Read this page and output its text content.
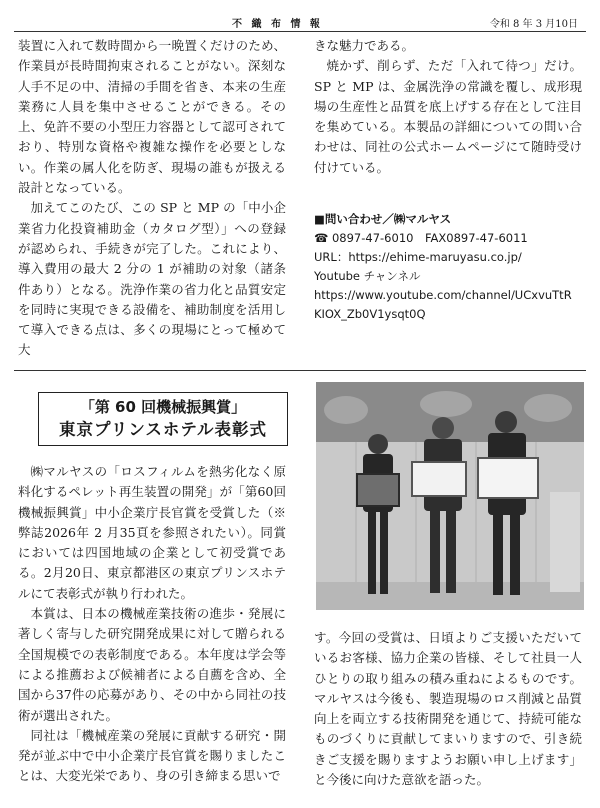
不 織 布 情 報	令和 8 年 3 月10日

装置に入れて数時間から一晩置くだけのため、作業員が長時間拘束されることがない。深刻な人手不足の中、清掃の手間を省き、本来の生産業務に人員を集中させることができる。その上、免許不要の小型圧力容器として認可されており、特別な資格や複雑な操作を必要としない。作業の属人化を防ぎ、現場の誰もが扱える設計となっている。

加えてこのたび、この SP と MP の「中小企業省力化投資補助金（カタログ型）」への登録が認められ、手続きが完了した。これにより、導入費用の最大 2 分の 1 が補助の対象（諸条件あり）となる。洗浄作業の省力化と品質安定を同時に実現できる設備を、補助制度を活用して導入できる点は、多くの現場にとって極めて大

きな魅力である。

焼かず、削らず、ただ「入れて待つ」だけ。SP と MP は、金属洗浄の常識を覆し、成形現場の生産性と品質を底上げする存在として注目を集めている。本製品の詳細についての問い合わせは、同社の公式ホームページにて随時受け付けている。

■問い合わせ／㈱マルヤス
☎ 0897-47-6010　FAX0897-47-6011
URL：https://ehime-maruyasu.co.jp/
Youtube チャンネル
https://www.youtube.com/channel/UCxvuTtR
KIOX_Zb0V1ysqt0Q
「第 60 回機械振興賞」
東京プリンスホテル表彰式

㈱マルヤスの「ロスフィルムを熱劣化なく原料化するペレット再生装置の開発」が「第60回機械振興賞」中小企業庁長官賞を受賞した（※弊誌2026年 2 月35頁を参照されたい）。同賞においては四国地域の企業として初受賞である。2月20日、東京都港区の東京プリンスホテルにて表彰式が執り行われた。

本賞は、日本の機械産業技術の進歩・発展に著しく寄与した研究開発成果に対して贈られる全国規模での表彰制度である。本年度は学会等による推薦および候補者による自薦を含め、全国から37件の応募があり、その中から同社の技術が選出された。

同社は「機械産業の発展に貢献する研究・開発が並ぶ中で中小企業庁長官賞を賜りましたことは、大変光栄であり、身の引き締まる思いで

す。今回の受賞は、日頃よりご支援いただいているお客様、協力企業の皆様、そして社員一人ひとりの取り組みの積み重ねによるものです。マルヤスは今後も、製造現場のロス削減と品質向上を両立する技術開発を通じて、持続可能なものづくりに貢献してまいりますので、引き続きご支援を賜りますようお願い申し上げます」と今後に向けた意欲を語った。
